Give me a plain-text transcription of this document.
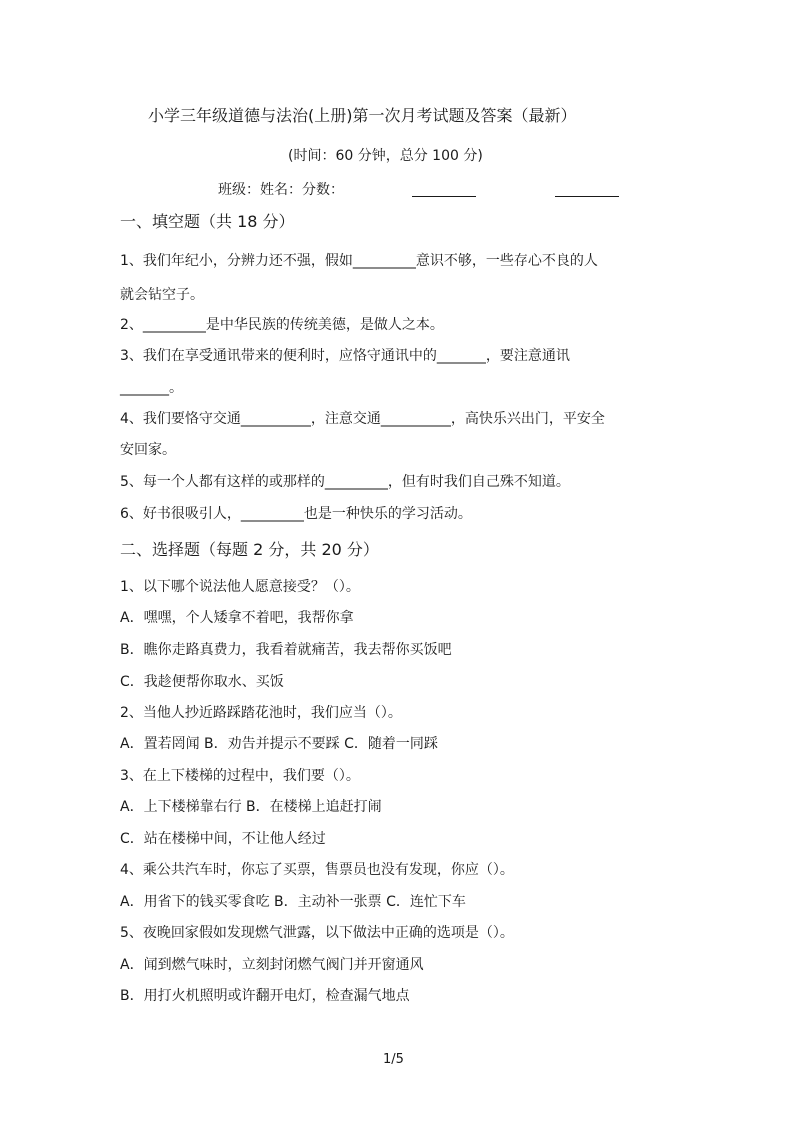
小学三年级道德与法治(上册)第一次月考试题及答案（最新）
(时间：60 分钟，总分 100 分)
班级：姓名：分数：
一、填空题（共 18 分）
1、我们年纪小，分辨力还不强，假如_________意识不够，一些存心不良的人
就会钻空子。
2、_________是中华民族的传统美德，是做人之本。
3、我们在享受通讯带来的便利时，应恪守通讯中的_______，要注意通讯
_______。
4、我们要恪守交通__________，注意交通__________，高快乐兴出门，平安全
安回家。
5、每一个人都有这样的或那样的_________，但有时我们自己殊不知道。
6、好书很吸引人，_________也是一种快乐的学习活动。
二、选择题（每题 2 分，共 20 分）
1、以下哪个说法他人愿意接受？（）。
A．嘿嘿，个人矮拿不着吧，我帮你拿
B．瞧你走路真费力，我看着就痛苦，我去帮你买饭吧
C．我趁便帮你取水、买饭
2、当他人抄近路踩踏花池时，我们应当（）。
A．置若罔闻 B．劝告并提示不要踩 C．随着一同踩
3、在上下楼梯的过程中，我们要（）。
A．上下楼梯靠右行 B．在楼梯上追赶打闹
C．站在楼梯中间，不让他人经过
4、乘公共汽车时，你忘了买票，售票员也没有发现，你应（）。
A．用省下的钱买零食吃 B．主动补一张票 C．连忙下车
5、夜晚回家假如发现燃气泄露，以下做法中正确的选项是（）。
A．闻到燃气味时，立刻封闭燃气阀门并开窗通风
B．用打火机照明或许翻开电灯，检查漏气地点
1/5
